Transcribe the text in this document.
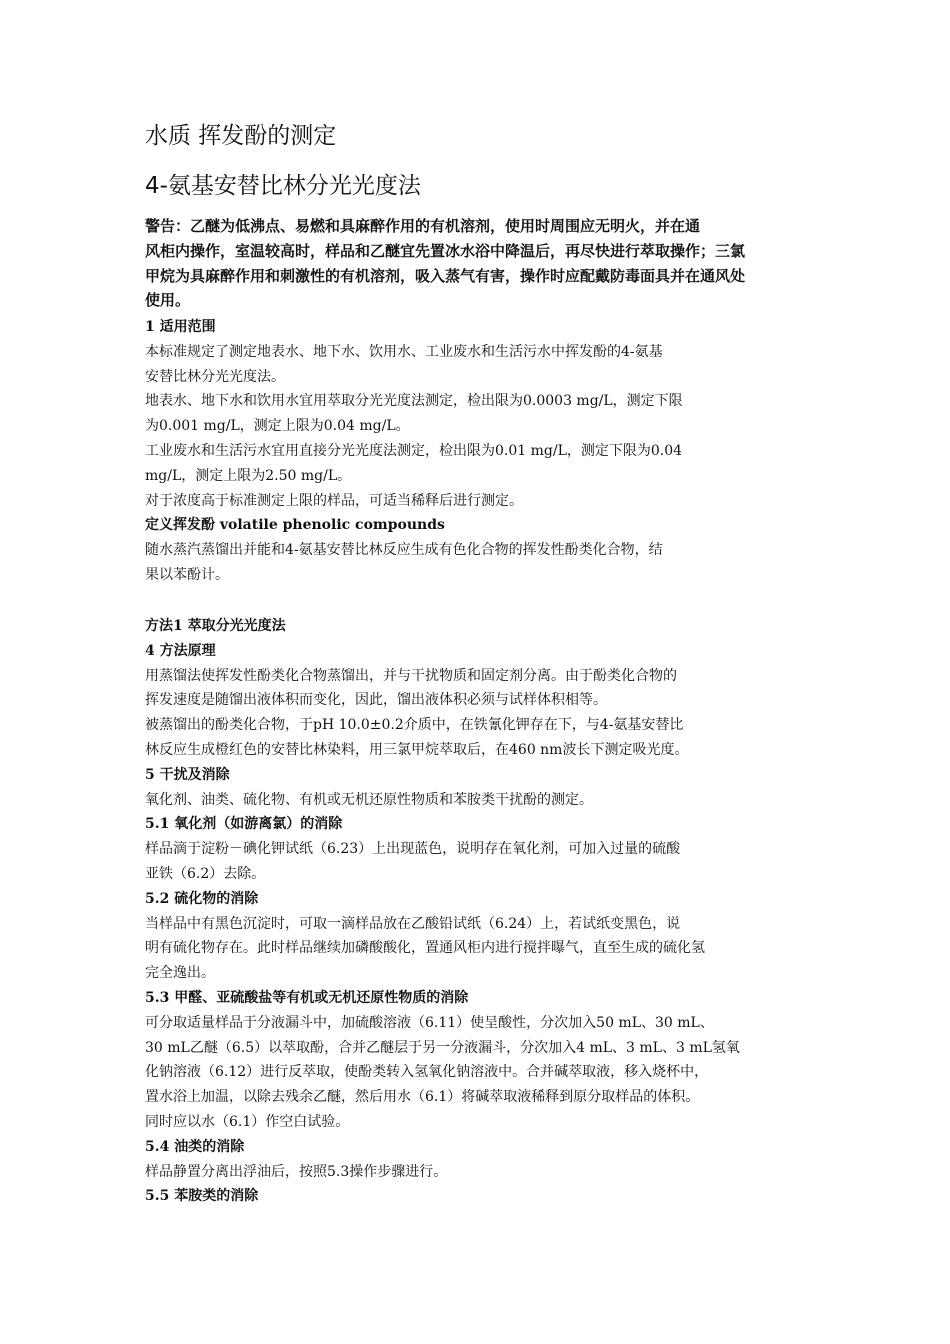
水质 挥发酚的测定
4-氨基安替比林分光光度法
警告：乙醚为低沸点、易燃和具麻醉作用的有机溶剂，使用时周围应无明火，并在通
风柜内操作，室温较高时，样品和乙醚宜先置冰水浴中降温后，再尽快进行萃取操作；三氯
甲烷为具麻醉作用和刺激性的有机溶剂，吸入蒸气有害，操作时应配戴防毒面具并在通风处
使用。
1 适用范围
本标准规定了测定地表水、地下水、饮用水、工业废水和生活污水中挥发酚的4-氨基
安替比林分光光度法。
地表水、地下水和饮用水宜用萃取分光光度法测定，检出限为0.0003 mg/L，测定下限
为0.001 mg/L，测定上限为0.04 mg/L。
工业废水和生活污水宜用直接分光光度法测定，检出限为0.01 mg/L，测定下限为0.04
mg/L，测定上限为2.50 mg/L。
对于浓度高于标准测定上限的样品，可适当稀释后进行测定。
定义挥发酚 volatile phenolic compounds
随水蒸汽蒸馏出并能和4-氨基安替比林反应生成有色化合物的挥发性酚类化合物，结
果以苯酚计。
方法1 萃取分光光度法
4 方法原理
用蒸馏法使挥发性酚类化合物蒸馏出，并与干扰物质和固定剂分离。由于酚类化合物的
挥发速度是随馏出液体积而变化，因此，馏出液体积必须与试样体积相等。
被蒸馏出的酚类化合物，于pH 10.0±0.2介质中，在铁氰化钾存在下，与4-氨基安替比
林反应生成橙红色的安替比林染料，用三氯甲烷萃取后，在460 nm波长下测定吸光度。
5 干扰及消除
氧化剂、油类、硫化物、有机或无机还原性物质和苯胺类干扰酚的测定。
5.1 氧化剂（如游离氯）的消除
样品滴于淀粉－碘化钾试纸（6.23）上出现蓝色，说明存在氧化剂，可加入过量的硫酸
亚铁（6.2）去除。
5.2 硫化物的消除
当样品中有黑色沉淀时，可取一滴样品放在乙酸铅试纸（6.24）上，若试纸变黑色，说
明有硫化物存在。此时样品继续加磷酸酸化，置通风柜内进行搅拌曝气，直至生成的硫化氢
完全逸出。
5.3 甲醛、亚硫酸盐等有机或无机还原性物质的消除
可分取适量样品于分液漏斗中，加硫酸溶液（6.11）使呈酸性，分次加入50 mL、30 mL、
30 mL乙醚（6.5）以萃取酚，合并乙醚层于另一分液漏斗，分次加入4 mL、3 mL、3 mL氢氧
化钠溶液（6.12）进行反萃取，使酚类转入氢氧化钠溶液中。合并碱萃取液，移入烧杯中，
置水浴上加温，以除去残余乙醚，然后用水（6.1）将碱萃取液稀释到原分取样品的体积。
同时应以水（6.1）作空白试验。
5.4 油类的消除
样品静置分离出浮油后，按照5.3操作步骤进行。
5.5 苯胺类的消除
